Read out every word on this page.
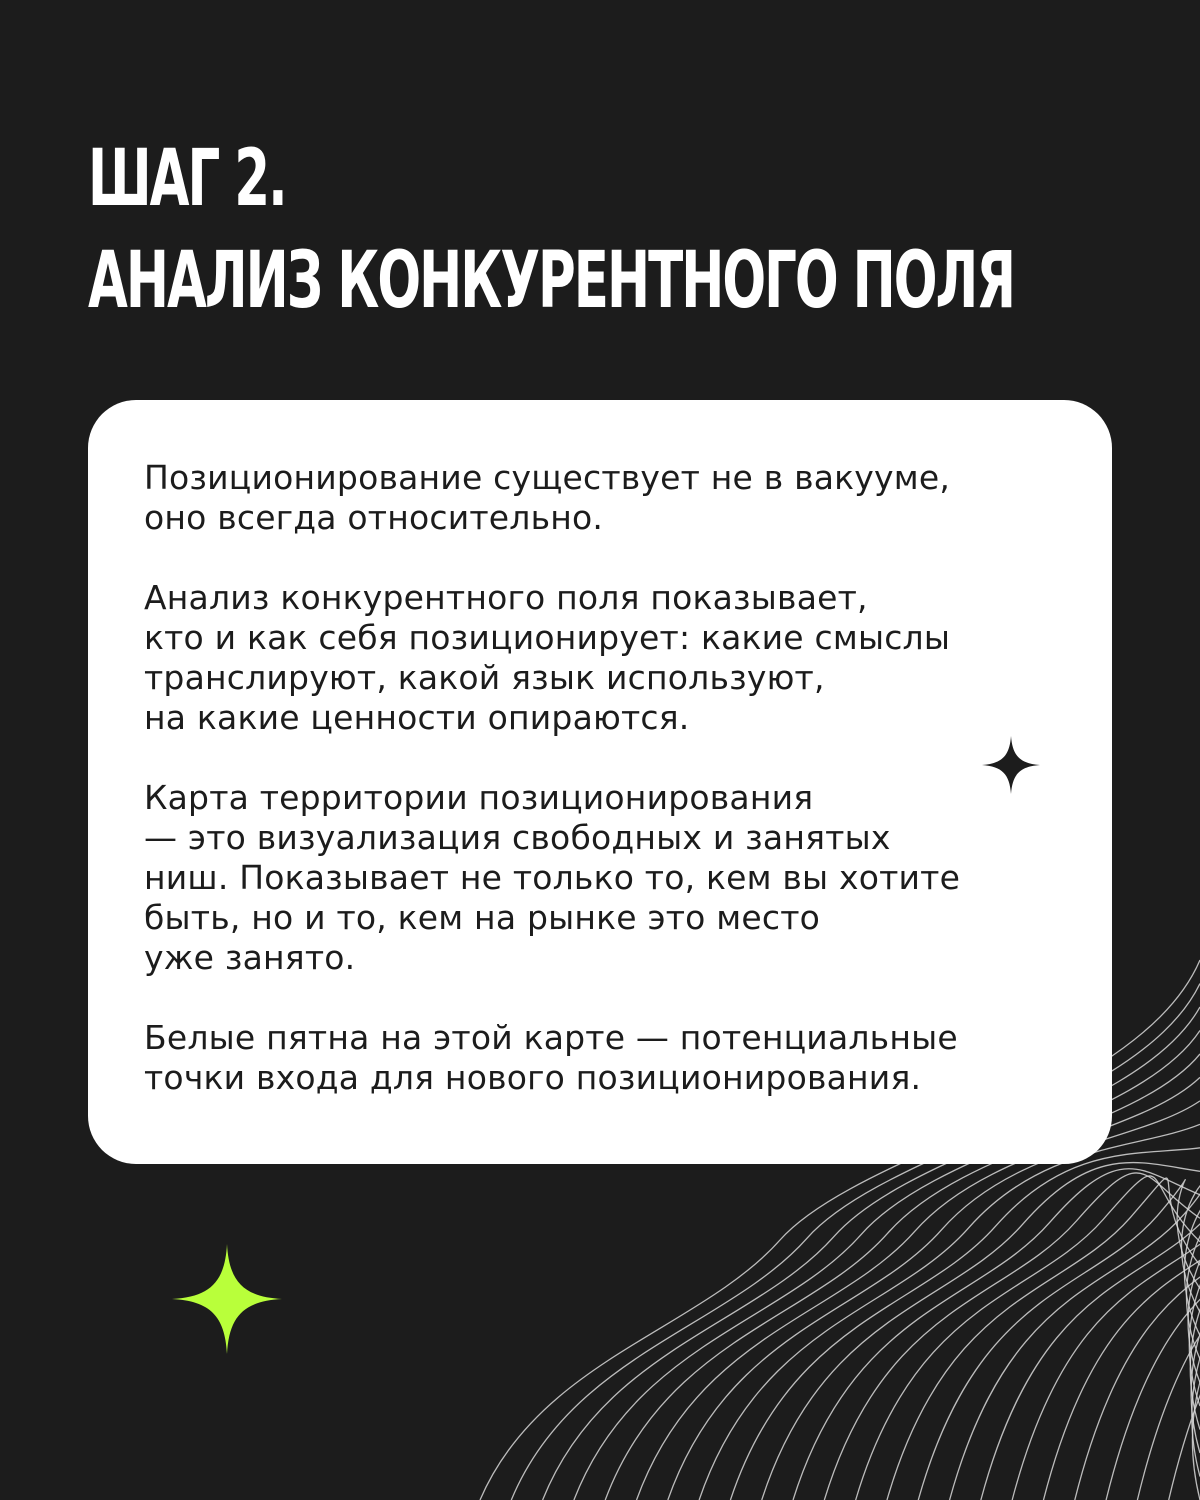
ШАГ 2.
АНАЛИЗ КОНКУРЕНТНОГО ПОЛЯ

Позиционирование существует не в вакууме,
оно всегда относительно.

Анализ конкурентного поля показывает,
кто и как себя позиционирует: какие смыслы
транслируют, какой язык используют,
на какие ценности опираются.

Карта территории позиционирования
— это визуализация свободных и занятых
ниш. Показывает не только то, кем вы хотите
быть, но и то, кем на рынке это место
уже занято.

Белые пятна на этой карте — потенциальные
точки входа для нового позиционирования.
